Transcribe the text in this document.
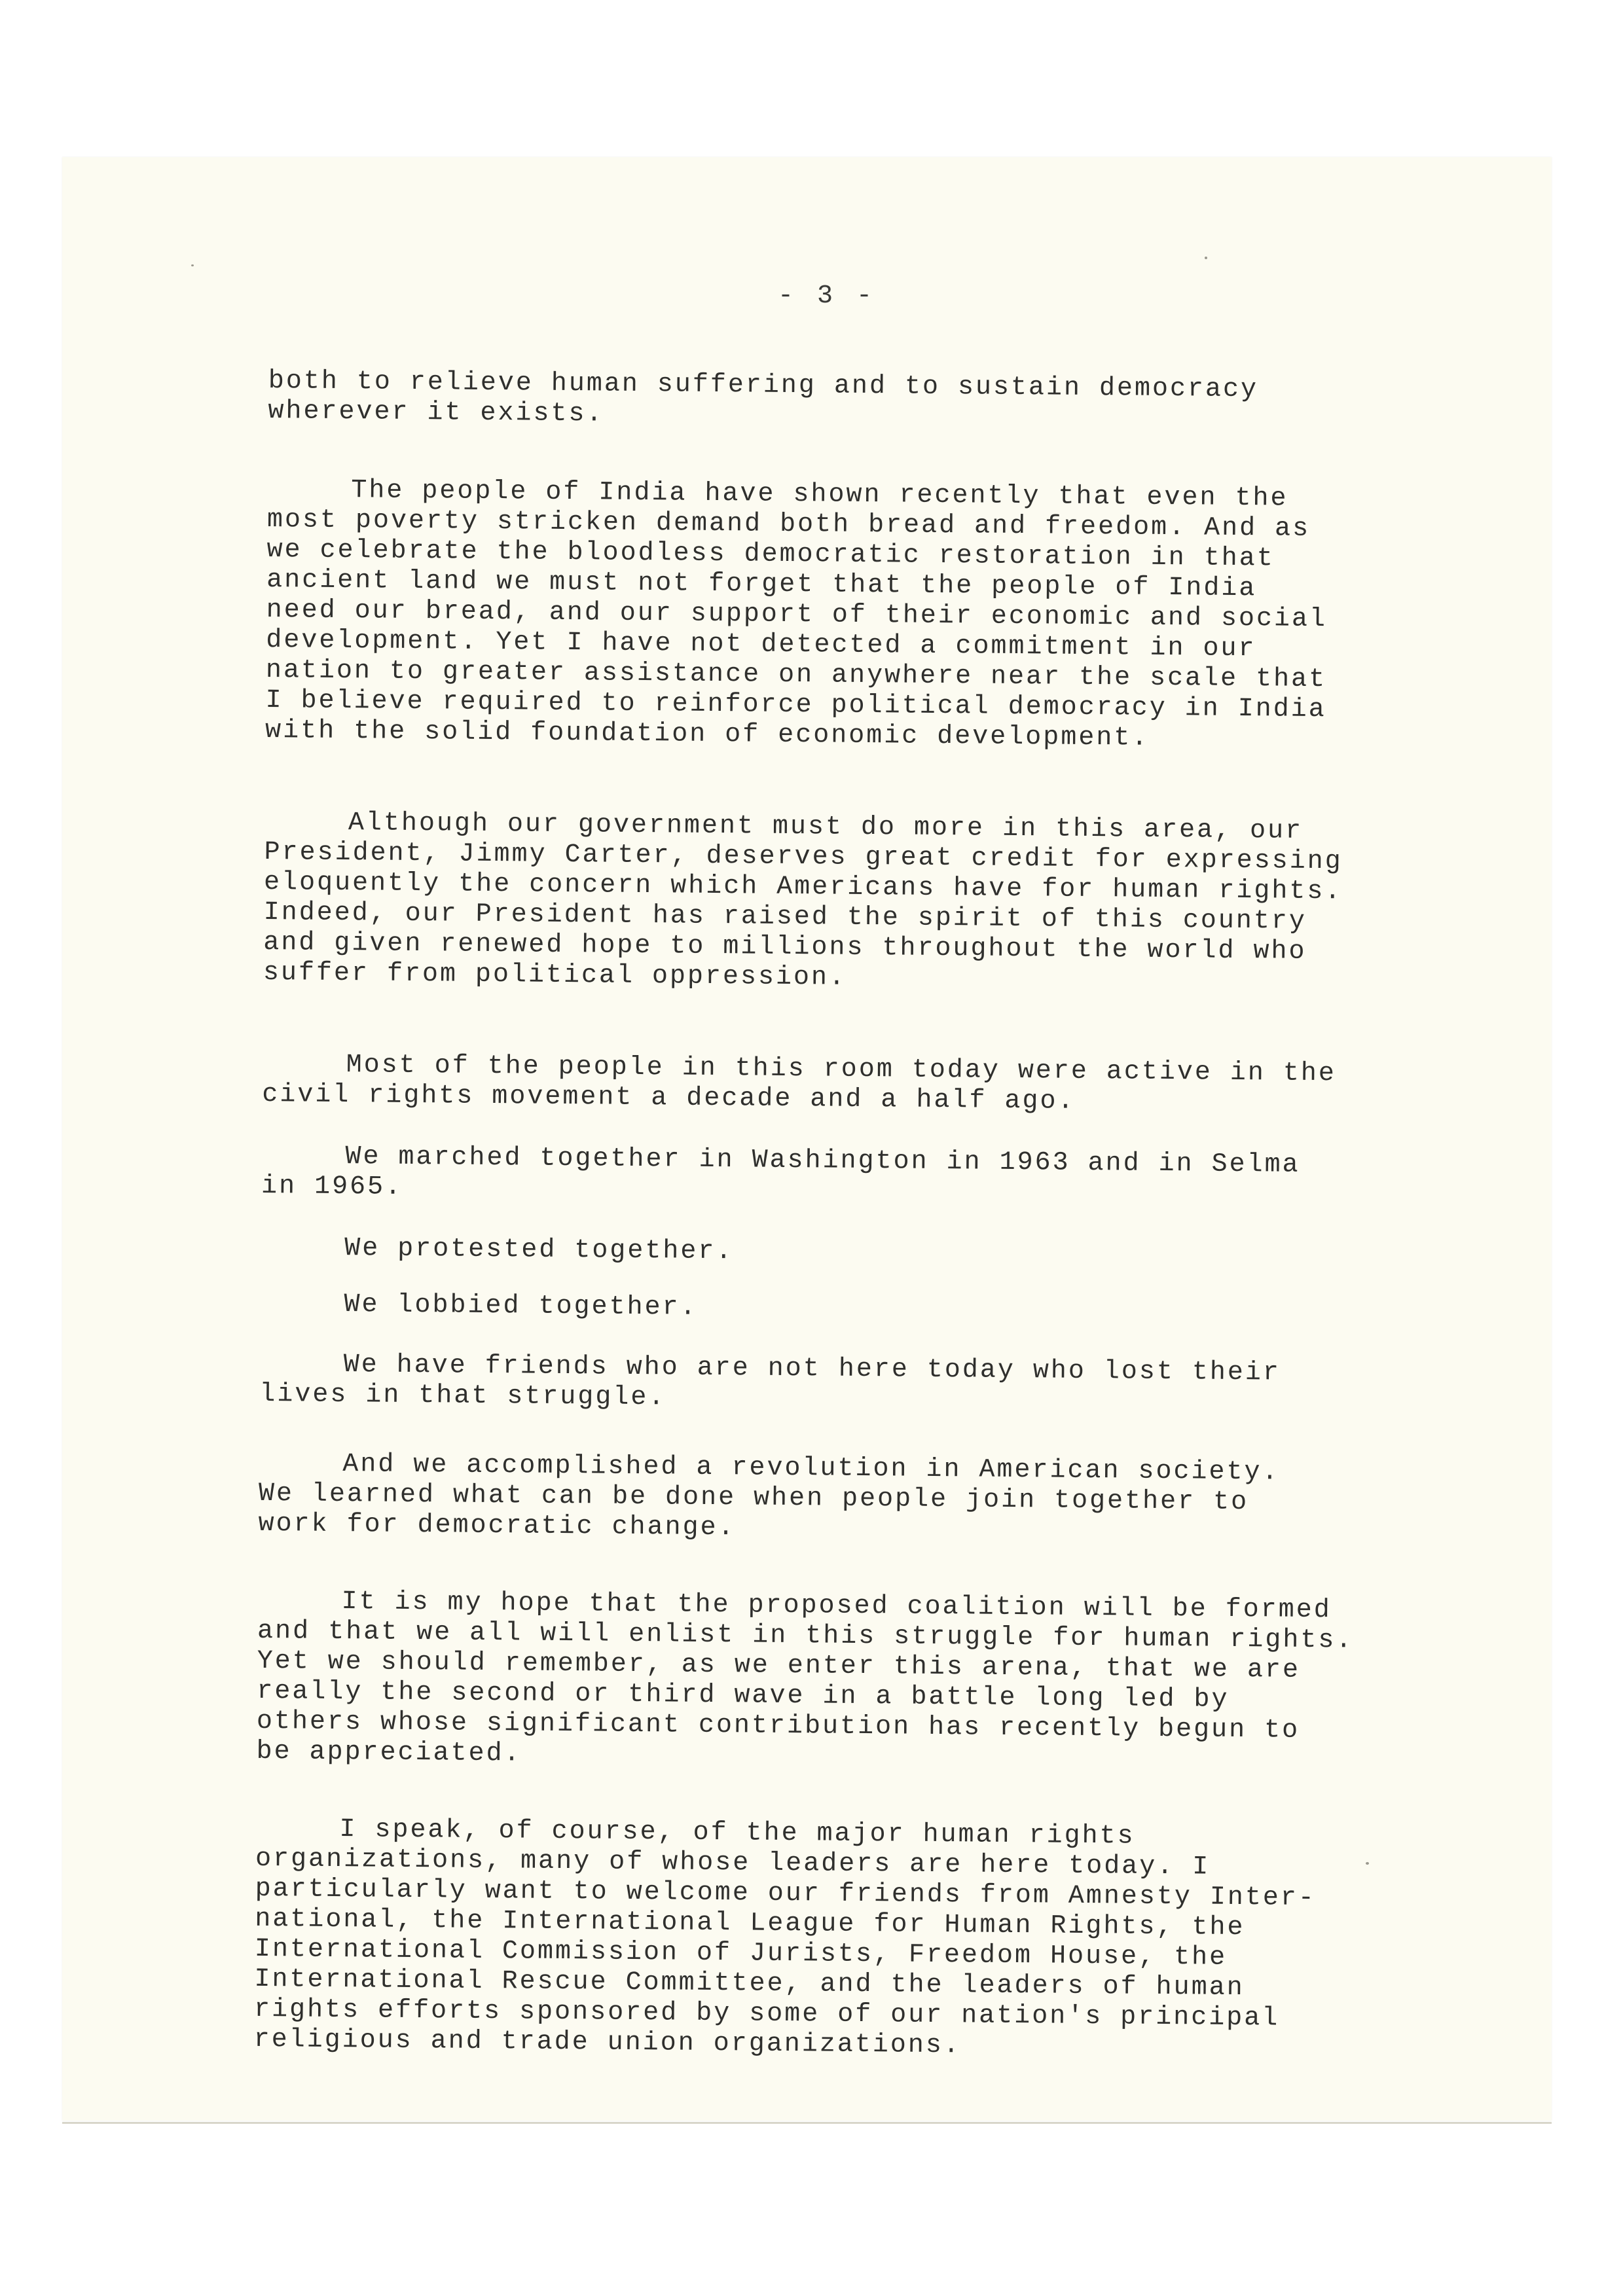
- 3 -

both to relieve human suffering and to sustain democracy
wherever it exists.

The people of India have shown recently that even the
most poverty stricken demand both bread and freedom. And as
we celebrate the bloodless democratic restoration in that
ancient land we must not forget that the people of India
need our bread, and our support of their economic and social
development. Yet I have not detected a commitment in our
nation to greater assistance on anywhere near the scale that
I believe required to reinforce political democracy in India
with the solid foundation of economic development.

Although our government must do more in this area, our
President, Jimmy Carter, deserves great credit for expressing
eloquently the concern which Americans have for human rights.
Indeed, our President has raised the spirit of this country
and given renewed hope to millions throughout the world who
suffer from political oppression.

Most of the people in this room today were active in the
civil rights movement a decade and a half ago.

We marched together in Washington in 1963 and in Selma
in 1965.

We protested together.

We lobbied together.

We have friends who are not here today who lost their
lives in that struggle.

And we accomplished a revolution in American society.
We learned what can be done when people join together to
work for democratic change.

It is my hope that the proposed coalition will be formed
and that we all will enlist in this struggle for human rights.
Yet we should remember, as we enter this arena, that we are
really the second or third wave in a battle long led by
others whose significant contribution has recently begun to
be appreciated.

I speak, of course, of the major human rights
organizations, many of whose leaders are here today. I
particularly want to welcome our friends from Amnesty Inter-
national, the International League for Human Rights, the
International Commission of Jurists, Freedom House, the
International Rescue Committee, and the leaders of human
rights efforts sponsored by some of our nation's principal
religious and trade union organizations.
